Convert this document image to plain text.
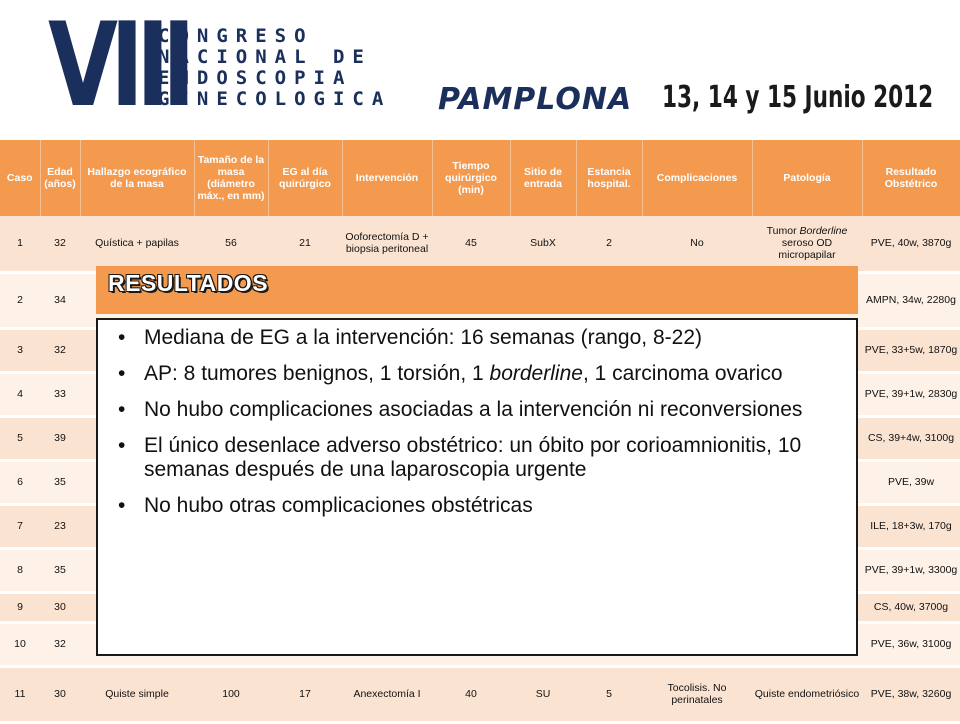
VIII
CONGRESO
NACIONAL DE
ENDOSCOPIA
GINECOLOGICA PAMPLONA 13, 14 y 15 Junio 2012
Caso	Edad (años)	Hallazgo ecográfico de la masa	Tamaño de la masa (diámetro máx., en mm)	EG al día quirúrgico	Intervención	Tiempo quirúrgico (min)	Sitio de entrada	Estancia hospital.	Complicaciones	Patología	Resultado Obstétrico
1	32	Quística + papilas	56	21	Ooforectomía D + biopsia peritoneal	45	SubX	2	No	Tumor Borderline seroso OD micropapilar	PVE, 40w, 3870g
2	34										AMPN, 34w, 2280g
3	32										PVE, 33+5w, 1870g
4	33										PVE, 39+1w, 2830g
5	39										CS, 39+4w, 3100g
6	35										PVE, 39w
7	23										ILE, 18+3w, 170g
8	35										PVE, 39+1w, 3300g
9	30										CS, 40w, 3700g
10	32										PVE, 36w, 3100g
11	30	Quiste simple	100	17	Anexectomía I	40	SU	5	Tocolisis. No perinatales	Quiste endometriósico	PVE, 38w, 3260g
RESULTADOS
• Mediana de EG a la intervención: 16 semanas (rango, 8-22)
• AP: 8 tumores benignos, 1 torsión, 1 borderline, 1 carcinoma ovarico
• No hubo complicaciones asociadas a la intervención ni reconversiones
• El único desenlace adverso obstétrico: un óbito por corioamnionitis, 10 semanas después de una laparoscopia urgente
• No hubo otras complicaciones obstétricas
